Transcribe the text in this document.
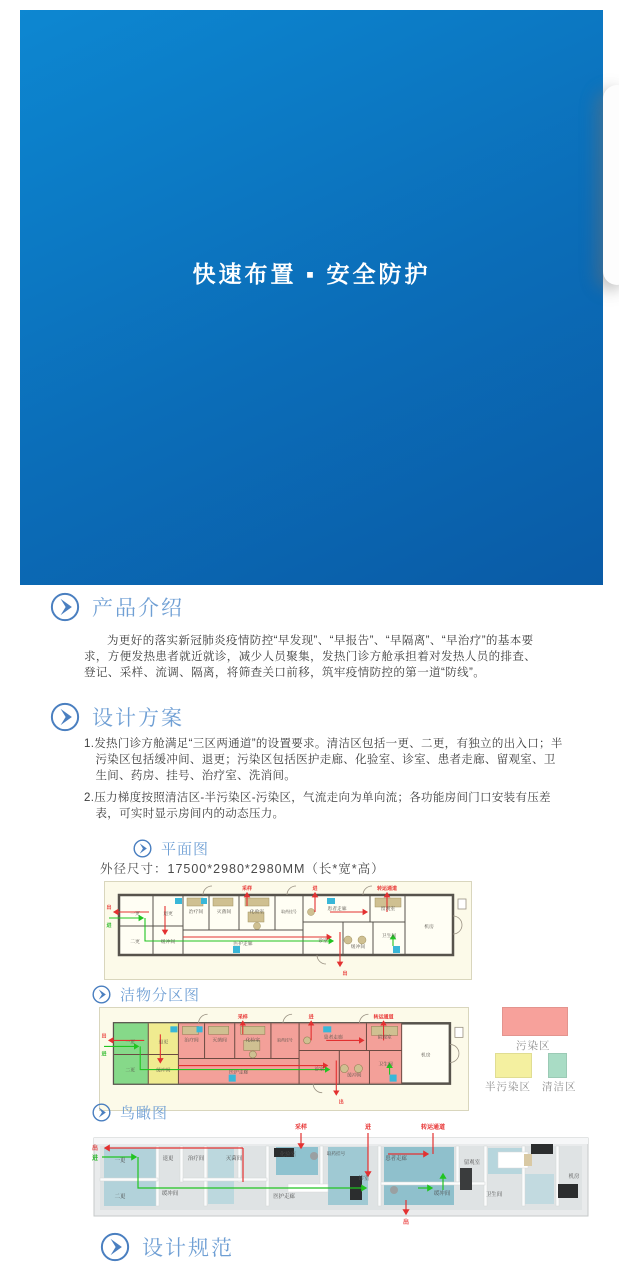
快速布置 ▪ 安全防护
产品介绍
为更好的落实新冠肺炎疫情防控“早发现”、“早报告”、“早隔离”、“早治疗”的基本要求，方便发热患者就近就诊，减少人员聚集，发热门诊方舱承担着对发热人员的排查、登记、采样、流调、隔离，将筛查关口前移，筑牢疫情防控的第一道“防线”。
设计方案
1.发热门诊方舱满足“三区两通道”的设置要求。清洁区包括一更、二更，有独立的出入口；半污染区包括缓冲间、退更；污染区包括医护走廊、化验室、诊室、患者走廊、留观室、卫生间、药房、挂号、治疗室、洗消间。
2.压力梯度按照清洁区-半污染区-污染区，气流走向为单向流；各功能房间门口安装有压差表，可实时显示房间内的动态压力。
平面图
外径尺寸：17500*2980*2980MM（长*宽*高）
一更
二更
退更
缓冲间
治疗间	灭菌间	化验室	取药挂号
医护走廊
诊室
患者走廊	留观室
缓冲间
卫生间
机房
采样	进	转运通道
出
进
出
洁物分区图
一更
二更
退更
缓冲间
治疗间	灭菌间	化验室	取药挂号
医护走廊
诊室
患者走廊	留观室
缓冲间
卫生间
机房
采样	进	转运通道
出
进
出
污染区
半污染区 清洁区
鸟瞰图
一更	退更	治疗间	灭菌间
化验室	取药挂号
患者走廊
留观室
机房
二更	缓冲间	医护走廊
诊室
缓冲间	卫生间
采样	进	转运通道
出
进
出
设计规范
